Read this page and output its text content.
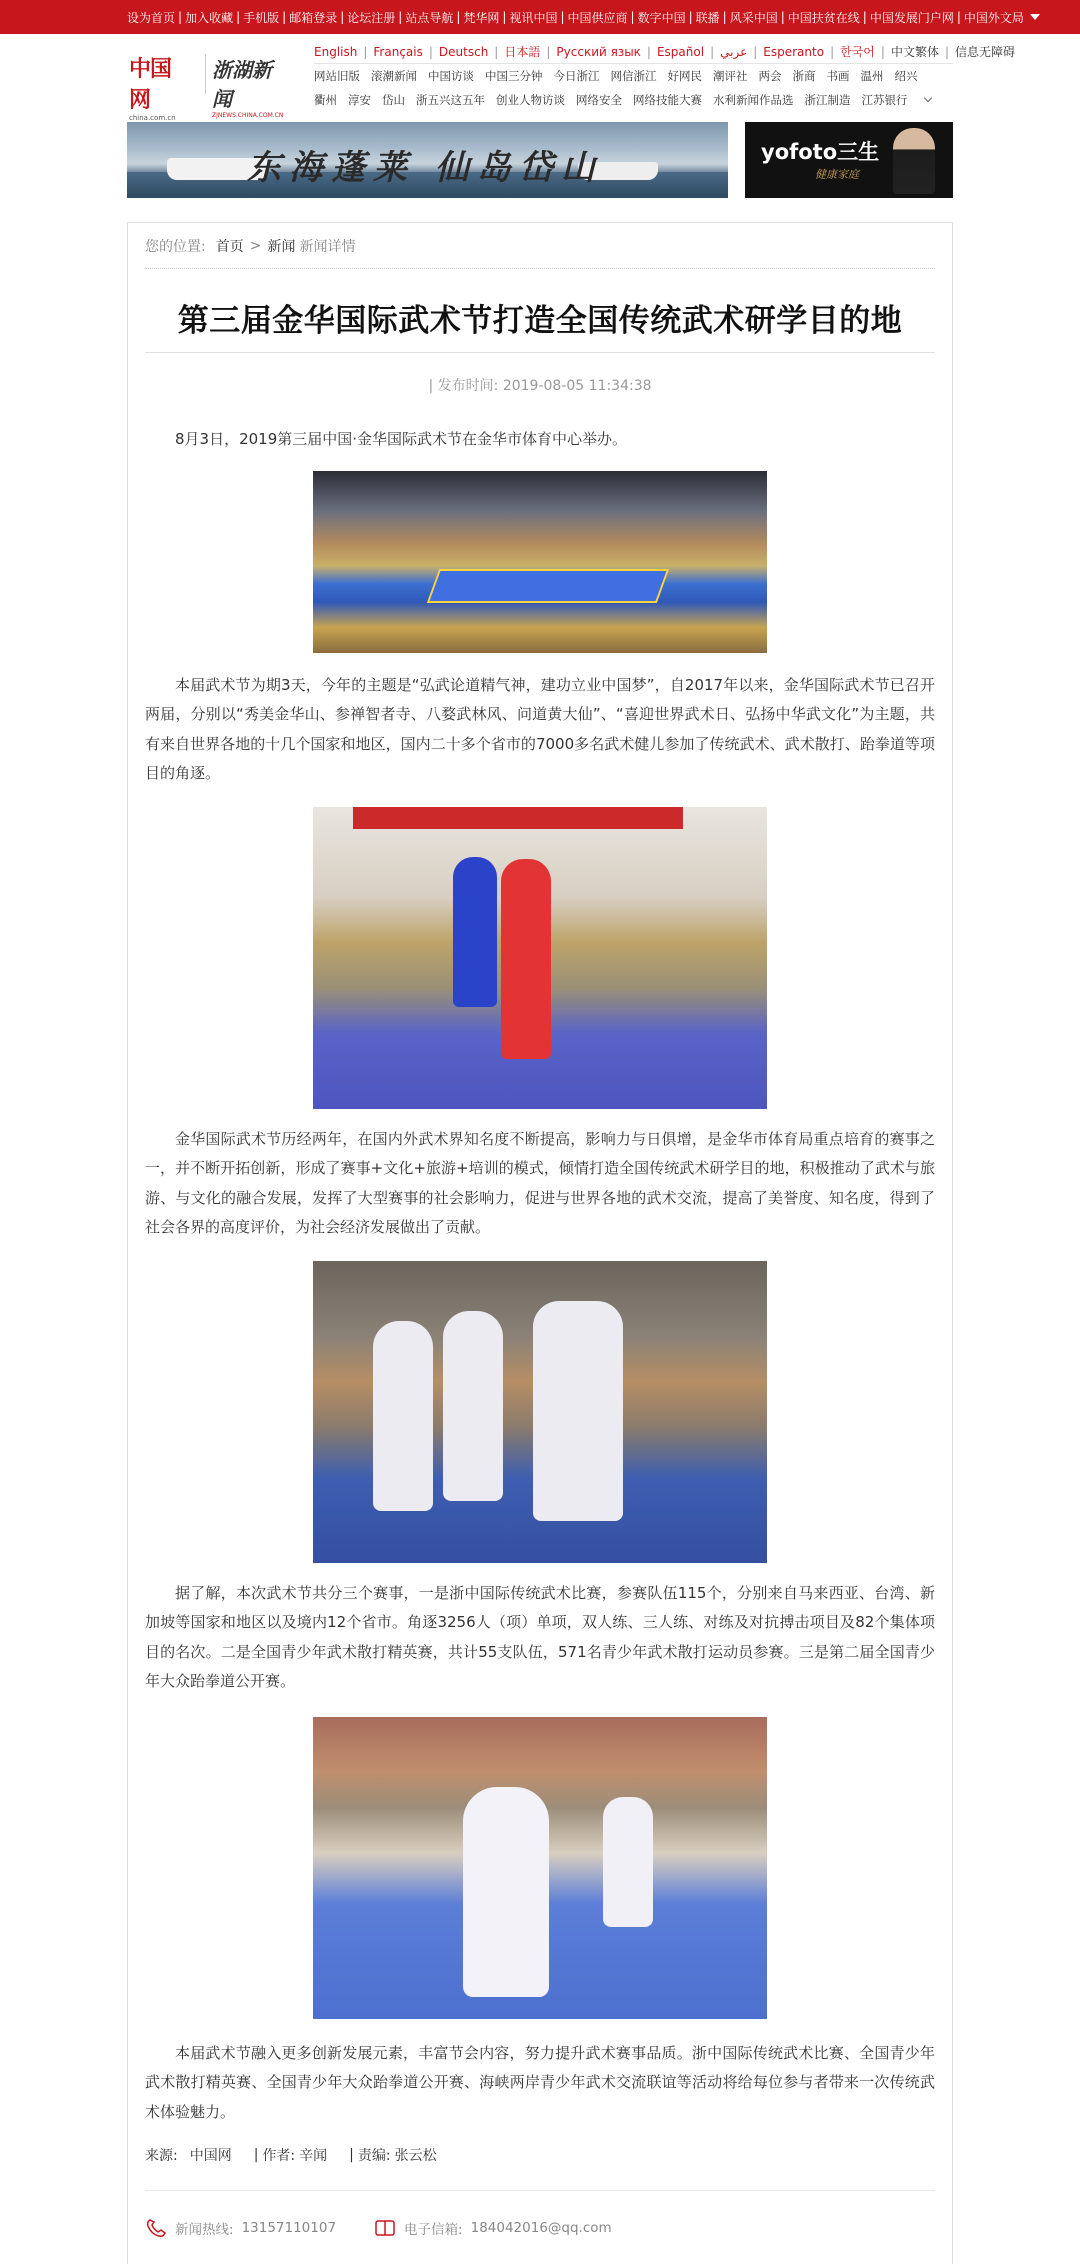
设为首页 | 加入收藏 | 手机版 | 邮箱登录 | 论坛注册 | 站点导航 | 梵华网 | 视讯中国 | 中国供应商 | 数字中国 | 联播 | 风采中国 | 中国扶贫在线 | 中国发展门户网 | 中国外文局
中国网
china.com.cn
浙湖新闻
ZJNEWS.CHINA.COM.CN
English | Français | Deutsch | 日本語 | Русский язык | Español | عربي | Esperanto | 한국어 | 中文繁体 | 信息无障碍
网站旧版 滚潮新闻 中国访谈 中国三分钟 今日浙江 网信浙江 好网民 潮评社 两会 浙商 书画 温州 绍兴
衢州 淳安 岱山 浙五兴这五年 创业人物访谈 网络安全 网络技能大赛 水利新闻作品选 浙江制造 江苏银行
东海蓬莱 仙岛岱山	yofoto三生
健康家庭
您的位置: 首页 > 新闻 新闻详情
第三届金华国际武术节打造全国传统武术研学目的地
| 发布时间: 2019-08-05 11:34:38

8月3日，2019第三届中国·金华国际武术节在金华市体育中心举办。

本届武术节为期3天，今年的主题是“弘武论道精气神，建功立业中国梦”，自2017年以来，金华国际武术节已召开两届，分别以“秀美金华山、参禅智者寺、八婺武林风、问道黄大仙”、“喜迎世界武术日、弘扬中华武文化”为主题，共有来自世界各地的十几个国家和地区，国内二十多个省市的7000多名武术健儿参加了传统武术、武术散打、跆拳道等项目的角逐。

金华国际武术节历经两年，在国内外武术界知名度不断提高，影响力与日俱增，是金华市体育局重点培育的赛事之一，并不断开拓创新，形成了赛事+文化+旅游+培训的模式，倾情打造全国传统武术研学目的地，积极推动了武术与旅游、与文化的融合发展，发挥了大型赛事的社会影响力，促进与世界各地的武术交流，提高了美誉度、知名度，得到了社会各界的高度评价，为社会经济发展做出了贡献。

据了解，本次武术节共分三个赛事，一是浙中国际传统武术比赛，参赛队伍115个，分别来自马来西亚、台湾、新加坡等国家和地区以及境内12个省市。角逐3256人（项）单项，双人练、三人练、对练及对抗搏击项目及82个集体项目的名次。二是全国青少年武术散打精英赛，共计55支队伍，571名青少年武术散打运动员参赛。三是第二届全国青少年大众跆拳道公开赛。

本届武术节融入更多创新发展元素，丰富节会内容，努力提升武术赛事品质。浙中国际传统武术比赛、全国青少年武术散打精英赛、全国青少年大众跆拳道公开赛、海峡两岸青少年武术交流联谊等活动将给每位参与者带来一次传统武术体验魅力。

来源: 中国网 | 作者: 辛闻 | 责编: 张云松
新闻热线: 13157110107	电子信箱: 184042016@qq.com
